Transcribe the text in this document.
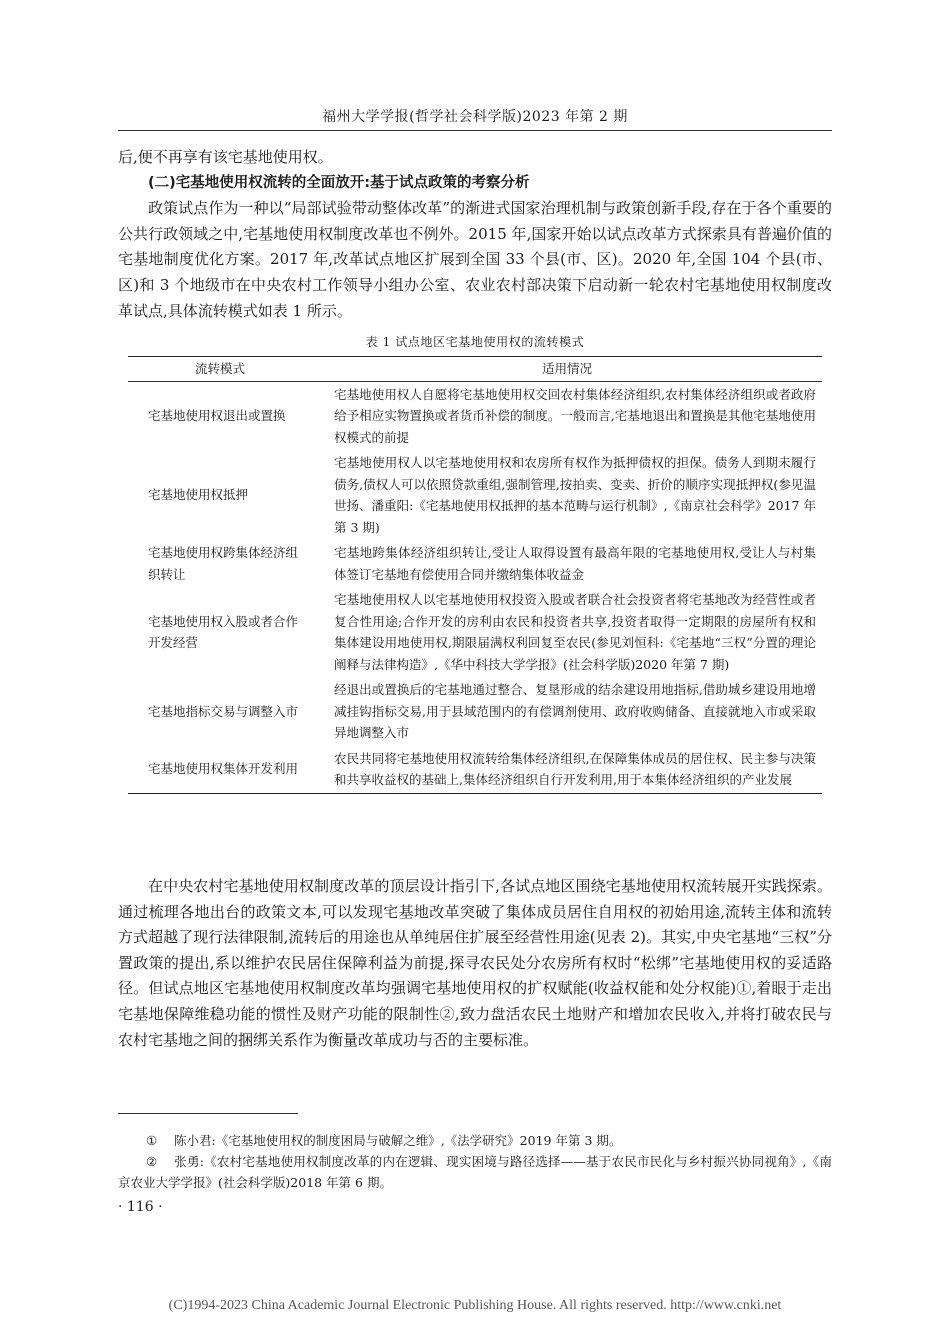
福州大学学报(哲学社会科学版)2023 年第 2 期

后,便不再享有该宅基地使用权。

(二)宅基地使用权流转的全面放开:基于试点政策的考察分析

政策试点作为一种以“局部试验带动整体改革”的渐进式国家治理机制与政策创新手段,存在于各个重要的公共行政领域之中,宅基地使用权制度改革也不例外。2015 年,国家开始以试点改革方式探索具有普遍价值的宅基地制度优化方案。2017 年,改革试点地区扩展到全国 33 个县(市、区)。2020 年,全国 104 个县(市、区)和 3 个地级市在中央农村工作领导小组办公室、农业农村部决策下启动新一轮农村宅基地使用权制度改革试点,具体流转模式如表 1 所示。

表 1 试点地区宅基地使用权的流转模式
流转模式	适用情况
宅基地使用权退出或置换	宅基地使用权人自愿将宅基地使用权交回农村集体经济组织,农村集体经济组织或者政府给予相应实物置换或者货币补偿的制度。一般而言,宅基地退出和置换是其他宅基地使用权模式的前提
宅基地使用权抵押	宅基地使用权人以宅基地使用权和农房所有权作为抵押债权的担保。债务人到期未履行债务,债权人可以依照贷款重组,强制管理,按拍卖、变卖、折价的顺序实现抵押权(参见温世扬、潘重阳:《宅基地使用权抵押的基本范畴与运行机制》,《南京社会科学》2017 年第 3 期)
宅基地使用权跨集体经济组织转让	宅基地跨集体经济组织转让,受让人取得设置有最高年限的宅基地使用权,受让人与村集体签订宅基地有偿使用合同并缴纳集体收益金
宅基地使用权入股或者合作开发经营	宅基地使用权人以宅基地使用权投资入股或者联合社会投资者将宅基地改为经营性或者复合性用途;合作开发的房利由农民和投资者共享,投资者取得一定期限的房屋所有权和集体建设用地使用权,期限届满权利回复至农民(参见刘恒科:《宅基地“三权”分置的理论阐释与法律构造》,《华中科技大学学报》(社会科学版)2020 年第 7 期)
宅基地指标交易与调整入市	经退出或置换后的宅基地通过整合、复垦形成的结余建设用地指标,借助城乡建设用地增减挂钩指标交易,用于县域范围内的有偿调剂使用、政府收购储备、直接就地入市或采取异地调整入市
宅基地使用权集体开发利用	农民共同将宅基地使用权流转给集体经济组织,在保障集体成员的居住权、民主参与决策和共享收益权的基础上,集体经济组织自行开发利用,用于本集体经济组织的产业发展

在中央农村宅基地使用权制度改革的顶层设计指引下,各试点地区围绕宅基地使用权流转展开实践探索。通过梳理各地出台的政策文本,可以发现宅基地改革突破了集体成员居住自用权的初始用途,流转主体和流转方式超越了现行法律限制,流转后的用途也从单纯居住扩展至经营性用途(见表 2)。其实,中央宅基地“三权”分置政策的提出,系以维护农民居住保障利益为前提,探寻农民处分农房所有权时“松绑”宅基地使用权的妥适路径。但试点地区宅基地使用权制度改革均强调宅基地使用权的扩权赋能(收益权能和处分权能)①,着眼于走出宅基地保障维稳功能的惯性及财产功能的限制性②,致力盘活农民土地财产和增加农民收入,并将打破农民与农村宅基地之间的捆绑关系作为衡量改革成功与否的主要标准。

① 陈小君:《宅基地使用权的制度困局与破解之维》,《法学研究》2019 年第 3 期。

② 张勇:《农村宅基地使用权制度改革的内在逻辑、现实困境与路径选择——基于农民市民化与乡村振兴协同视角》,《南京农业大学学报》(社会科学版)2018 年第 6 期。

· 116 ·
(C)1994-2023 China Academic Journal Electronic Publishing House. All rights reserved. http://www.cnki.net
